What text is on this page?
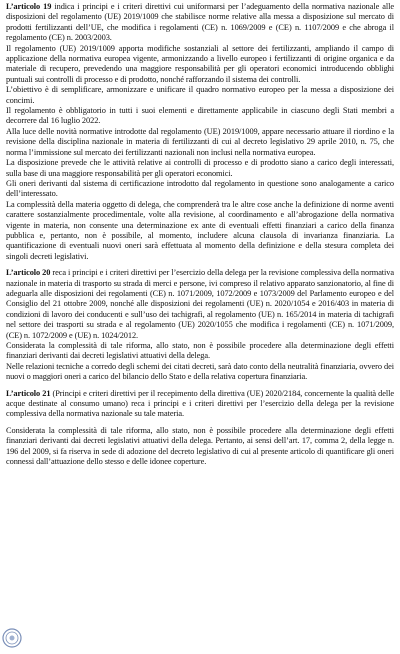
L’articolo 19 indica i principi e i criteri direttivi cui uniformarsi per l’adeguamento della normativa nazionale alle disposizioni del regolamento (UE) 2019/1009 che stabilisce norme relative alla messa a disposizione sul mercato di prodotti fertilizzanti dell’UE, che modifica i regolamenti (CE) n. 1069/2009 e (CE) n. 1107/2009 e che abroga il regolamento (CE) n. 2003/2003.

Il regolamento (UE) 2019/1009 apporta modifiche sostanziali al settore dei fertilizzanti, ampliando il campo di applicazione della normativa europea vigente, armonizzando a livello europeo i fertilizzanti di origine organica e da materiale di recupero, prevedendo una maggiore responsabilità per gli operatori economici introducendo obblighi puntuali sui controlli di processo e di prodotto, nonché rafforzando il sistema dei controlli.

L’obiettivo è di semplificare, armonizzare e unificare il quadro normativo europeo per la messa a disposizione dei concimi.

Il regolamento è obbligatorio in tutti i suoi elementi e direttamente applicabile in ciascuno degli Stati membri a decorrere dal 16 luglio 2022.

Alla luce delle novità normative introdotte dal regolamento (UE) 2019/1009, appare necessario attuare il riordino e la revisione della disciplina nazionale in materia di fertilizzanti di cui al decreto legislativo 29 aprile 2010, n. 75, che norma l’immissione sul mercato dei fertilizzanti nazionali non inclusi nella normativa europea.

La disposizione prevede che le attività relative ai controlli di processo e di prodotto siano a carico degli interessati, sulla base di una maggiore responsabilità per gli operatori economici.

Gli oneri derivanti dal sistema di certificazione introdotto dal regolamento in questione sono analogamente a carico dell’interessato.

La complessità della materia oggetto di delega, che comprenderà tra le altre cose anche la definizione di norme aventi carattere sostanzialmente procedimentale, volte alla revisione, al coordinamento e all’abrogazione della normativa vigente in materia, non consente una determinazione ex ante di eventuali effetti finanziari a carico della finanza pubblica e, pertanto, non è possibile, al momento, includere alcuna clausola di invarianza finanziaria. La quantificazione di eventuali nuovi oneri sarà effettuata al momento della definizione e della stesura completa dei singoli decreti legislativi.

L’articolo 20 reca i principi e i criteri direttivi per l’esercizio della delega per la revisione complessiva della normativa nazionale in materia di trasporto su strada di merci e persone, ivi compreso il relativo apparato sanzionatorio, al fine di adeguarla alle disposizioni dei regolamenti (CE) n. 1071/2009, 1072/2009 e 1073/2009 del Parlamento europeo e del Consiglio del 21 ottobre 2009, nonché alle disposizioni dei regolamenti (UE) n. 2020/1054 e 2016/403 in materia di condizioni di lavoro dei conducenti e sull’uso dei tachigrafi, al regolamento (UE) n. 165/2014 in materia di tachigrafi nel settore dei trasporti su strada e al regolamento (UE) 2020/1055 che modifica i regolamenti (CE) n. 1071/2009, (CE) n. 1072/2009 e (UE) n. 1024/2012.

Considerata la complessità di tale riforma, allo stato, non è possibile procedere alla determinazione degli effetti finanziari derivanti dai decreti legislativi attuativi della delega.

Nelle relazioni tecniche a corredo degli schemi dei citati decreti, sarà dato conto della neutralità finanziaria, ovvero dei nuovi o maggiori oneri a carico del bilancio dello Stato e della relativa copertura finanziaria.

L’articolo 21 (Principi e criteri direttivi per il recepimento della direttiva (UE) 2020/2184, concernente la qualità delle acque destinate al consumo umano) reca i principi e i criteri direttivi per l’esercizio della delega per la revisione complessiva della normativa nazionale su tale materia.

Considerata la complessità di tale riforma, allo stato, non è possibile procedere alla determinazione degli effetti finanziari derivanti dai decreti legislativi attuativi della delega. Pertanto, ai sensi dell’art. 17, comma 2, della legge n. 196 del 2009, si fa riserva in sede di adozione del decreto legislativo di cui al presente articolo di quantificare gli oneri connessi dall’attuazione dello stesso e delle idonee coperture.
